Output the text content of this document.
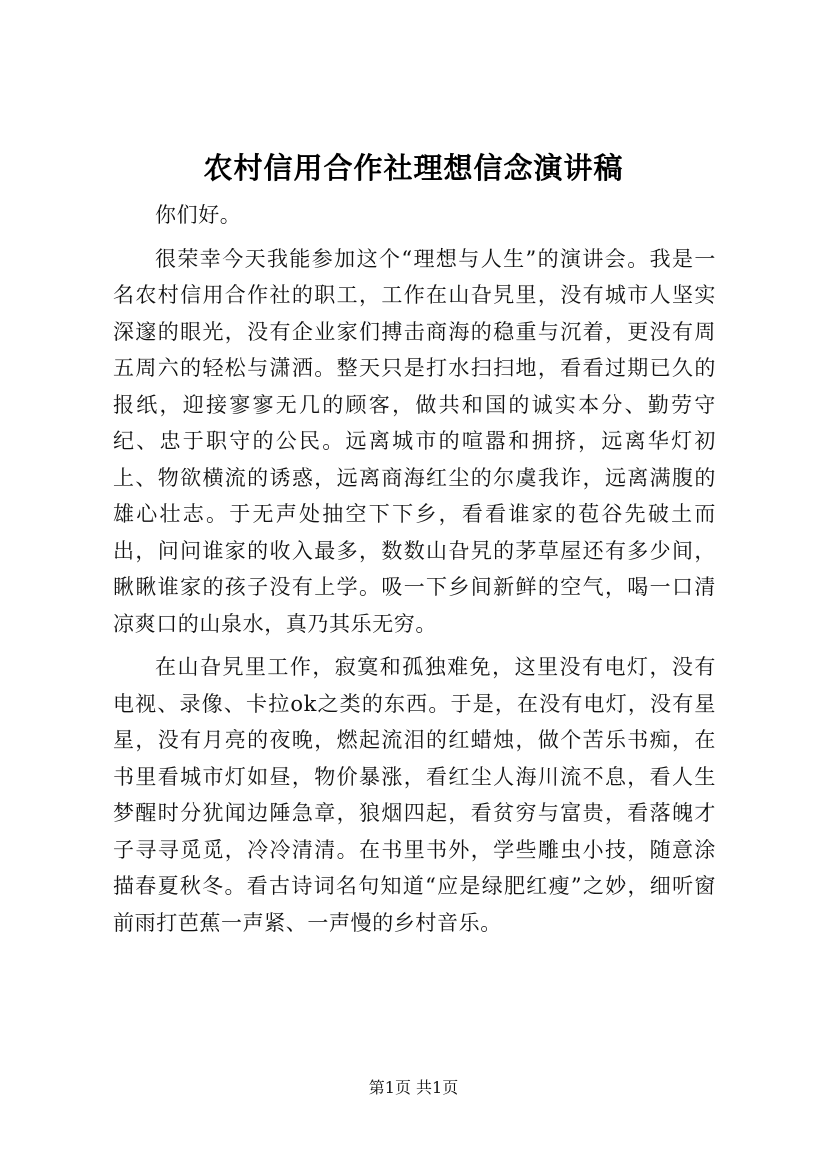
农村信用合作社理想信念演讲稿

你们好。

很荣幸今天我能参加这个“理想与人生”的演讲会。我是一名农村信用合作社的职工，工作在山旮旯里，没有城市人坚实深邃的眼光，没有企业家们搏击商海的稳重与沉着，更没有周五周六的轻松与潇洒。整天只是打水扫扫地，看看过期已久的报纸，迎接寥寥无几的顾客，做共和国的诚实本分、勤劳守纪、忠于职守的公民。远离城市的喧嚣和拥挤，远离华灯初上、物欲横流的诱惑，远离商海红尘的尔虞我诈，远离满腹的雄心壮志。于无声处抽空下下乡，看看谁家的苞谷先破土而出，问问谁家的收入最多，数数山旮旯的茅草屋还有多少间，瞅瞅谁家的孩子没有上学。吸一下乡间新鲜的空气，喝一口清凉爽口的山泉水，真乃其乐无穷。

在山旮旯里工作，寂寞和孤独难免，这里没有电灯，没有电视、录像、卡拉ok之类的东西。于是，在没有电灯，没有星星，没有月亮的夜晚，燃起流泪的红蜡烛，做个苦乐书痴，在书里看城市灯如昼，物价暴涨，看红尘人海川流不息，看人生梦醒时分犹闻边陲急章，狼烟四起，看贫穷与富贵，看落魄才子寻寻觅觅，冷冷清清。在书里书外，学些雕虫小技，随意涂描春夏秋冬。看古诗词名句知道“应是绿肥红瘦”之妙，细听窗前雨打芭蕉一声紧、一声慢的乡村音乐。

第1页 共1页
